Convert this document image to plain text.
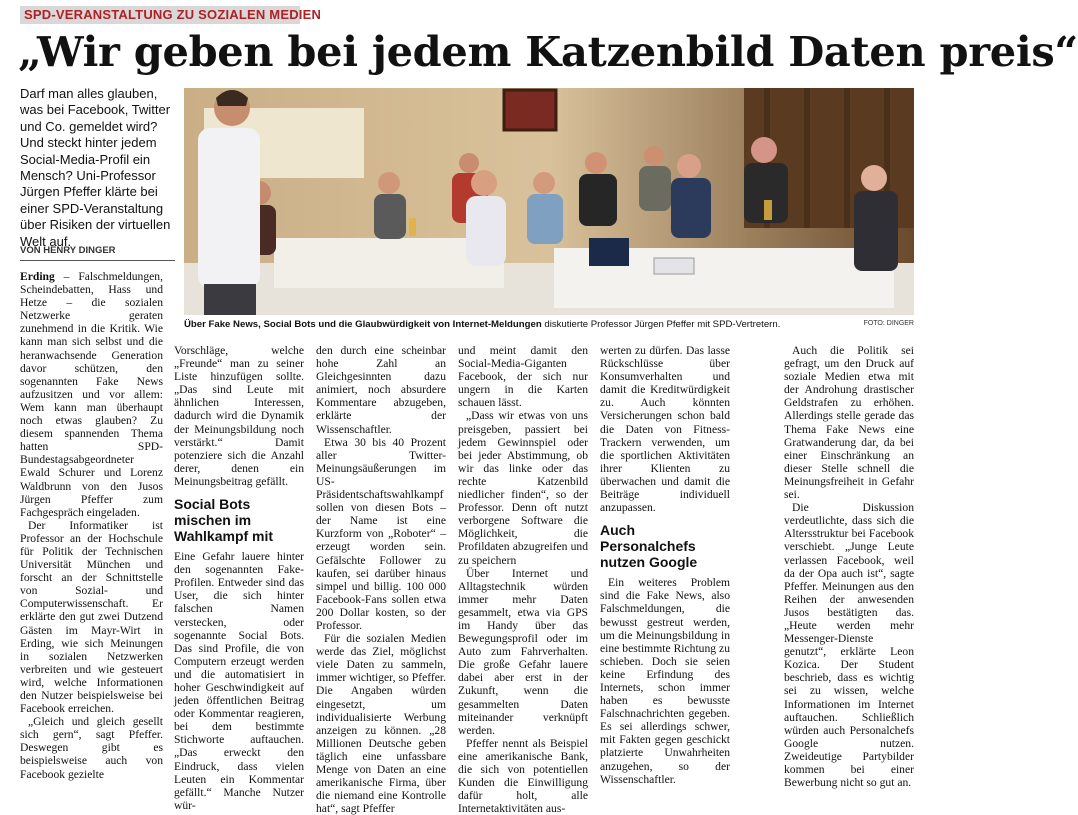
SPD-VERANSTALTUNG ZU SOZIALEN MEDIEN
„Wir geben bei jedem Katzenbild Daten preis“

Darf man alles glauben, was bei Facebook, Twitter und Co. gemeldet wird? Und steckt hinter jedem Social-Media-Profil ein Mensch? Uni-Professor Jürgen Pfeffer klärte bei einer SPD-Veranstaltung über Risiken der virtuellen Welt auf.

VON HENRY DINGER
Über Fake News, Social Bots und die Glaubwürdigkeit von Internet-Meldungen diskutierte Professor Jürgen Pfeffer mit SPD-Vertretern.	FOTO: DINGER

Erding – Falschmeldungen, Scheindebatten, Hass und Hetze – die sozialen Netzwerke geraten zunehmend in die Kritik. Wie kann man sich selbst und die heranwachsende Generation davor schützen, den sogenannten Fake News aufzusitzen und vor allem: Wem kann man überhaupt noch etwas glauben? Zu diesem spannenden Thema hatten SPD-Bundestagsabgeordneter Ewald Schurer und Lorenz Waldbrunn von den Jusos Jürgen Pfeffer zum Fachgespräch eingeladen.

Der Informatiker ist Professor an der Hochschule für Politik der Technischen Universität München und forscht an der Schnittstelle von Sozial- und Computerwissenschaft. Er erklärte den gut zwei Dutzend Gästen im Mayr-Wirt in Erding, wie sich Meinungen in sozialen Netzwerken verbreiten und wie gesteuert wird, welche Informationen den Nutzer beispielsweise bei Facebook erreichen.

„Gleich und gleich gesellt sich gern“, sagt Pfeffer. Deswegen gibt es beispielsweise auch von Facebook gezielte

Vorschläge, welche „Freunde“ man zu seiner Liste hinzufügen sollte. „Das sind Leute mit ähnlichen Interessen, dadurch wird die Dynamik der Meinungsbildung noch verstärkt.“ Damit potenziere sich die Anzahl derer, denen ein Meinungsbeitrag gefällt.

Social Bots mischen im Wahlkampf mit

Eine Gefahr lauere hinter den sogenannten Fake-Profilen. Entweder sind das User, die sich hinter falschen Namen verstecken, oder sogenannte Social Bots. Das sind Profile, die von Computern erzeugt werden und die automatisiert in hoher Geschwindigkeit auf jeden öffentlichen Beitrag oder Kommentar reagieren, bei dem bestimmte Stichworte auftauchen. „Das erweckt den Eindruck, dass vielen Leuten ein Kommentar gefällt.“ Manche Nutzer wür-

den durch eine scheinbar hohe Zahl an Gleichgesinnten dazu animiert, noch absurdere Kommentare abzugeben, erklärte der Wissenschaftler.

Etwa 30 bis 40 Prozent aller Twitter-Meinungsäußerungen im US-Präsidentschaftswahlkampf sollen von diesen Bots – der Name ist eine Kurzform von „Roboter“ – erzeugt worden sein. Gefälschte Follower zu kaufen, sei darüber hinaus simpel und billig. 100 000 Facebook-Fans sollen etwa 200 Dollar kosten, so der Professor.

Für die sozialen Medien werde das Ziel, möglichst viele Daten zu sammeln, immer wichtiger, so Pfeffer. Die Angaben würden eingesetzt, um individualisierte Werbung anzeigen zu können. „28 Millionen Deutsche geben täglich eine unfassbare Menge von Daten an eine amerikanische Firma, über die niemand eine Kontrolle hat“, sagt Pfeffer

und meint damit den Social-Media-Giganten Facebook, der sich nur ungern in die Karten schauen lässt.

„Dass wir etwas von uns preisgeben, passiert bei jedem Gewinnspiel oder bei jeder Abstimmung, ob wir das linke oder das rechte Katzenbild niedlicher finden“, so der Professor. Denn oft nutzt verborgene Software die Möglichkeit, die Profildaten abzugreifen und zu speichern

Über Internet und Alltagstechnik würden immer mehr Daten gesammelt, etwa via GPS im Handy über das Bewegungsprofil oder im Auto zum Fahrverhalten. Die große Gefahr lauere dabei aber erst in der Zukunft, wenn die gesammelten Daten miteinander verknüpft werden.

Pfeffer nennt als Beispiel eine amerikanische Bank, die sich von potentiellen Kunden die Einwilligung dafür holt, alle Internetaktivitäten aus-

werten zu dürfen. Das lasse Rückschlüsse über Konsumverhalten und damit die Kreditwürdigkeit zu. Auch könnten Versicherungen schon bald die Daten von Fitness-Trackern verwenden, um die sportlichen Aktivitäten ihrer Klienten zu überwachen und damit die Beiträge individuell anzupassen.

Auch Personalchefs nutzen Google

Ein weiteres Problem sind die Fake News, also Falschmeldungen, die bewusst gestreut werden, um die Meinungsbildung in eine bestimmte Richtung zu schieben. Doch sie seien keine Erfindung des Internets, schon immer haben es bewusste Falschnachrichten gegeben. Es sei allerdings schwer, mit Fakten gegen geschickt platzierte Unwahrheiten anzugehen, so der Wissenschaftler.

Auch die Politik sei gefragt, um den Druck auf soziale Medien etwa mit der Androhung drastischer Geldstrafen zu erhöhen. Allerdings stelle gerade das Thema Fake News eine Gratwanderung dar, da bei einer Einschränkung an dieser Stelle schnell die Meinungsfreiheit in Gefahr sei.

Die Diskussion verdeutlichte, dass sich die Altersstruktur bei Facebook verschiebt. „Junge Leute verlassen Facebook, weil da der Opa auch ist“, sagte Pfeffer. Meinungen aus den Reihen der anwesenden Jusos bestätigten das. „Heute werden mehr Messenger-Dienste genutzt“, erklärte Leon Kozica. Der Student beschrieb, dass es wichtig sei zu wissen, welche Informationen im Internet auftauchen. Schließlich würden auch Personalchefs Google nutzen. Zweideutige Partybilder kommen bei einer Bewerbung nicht so gut an.
